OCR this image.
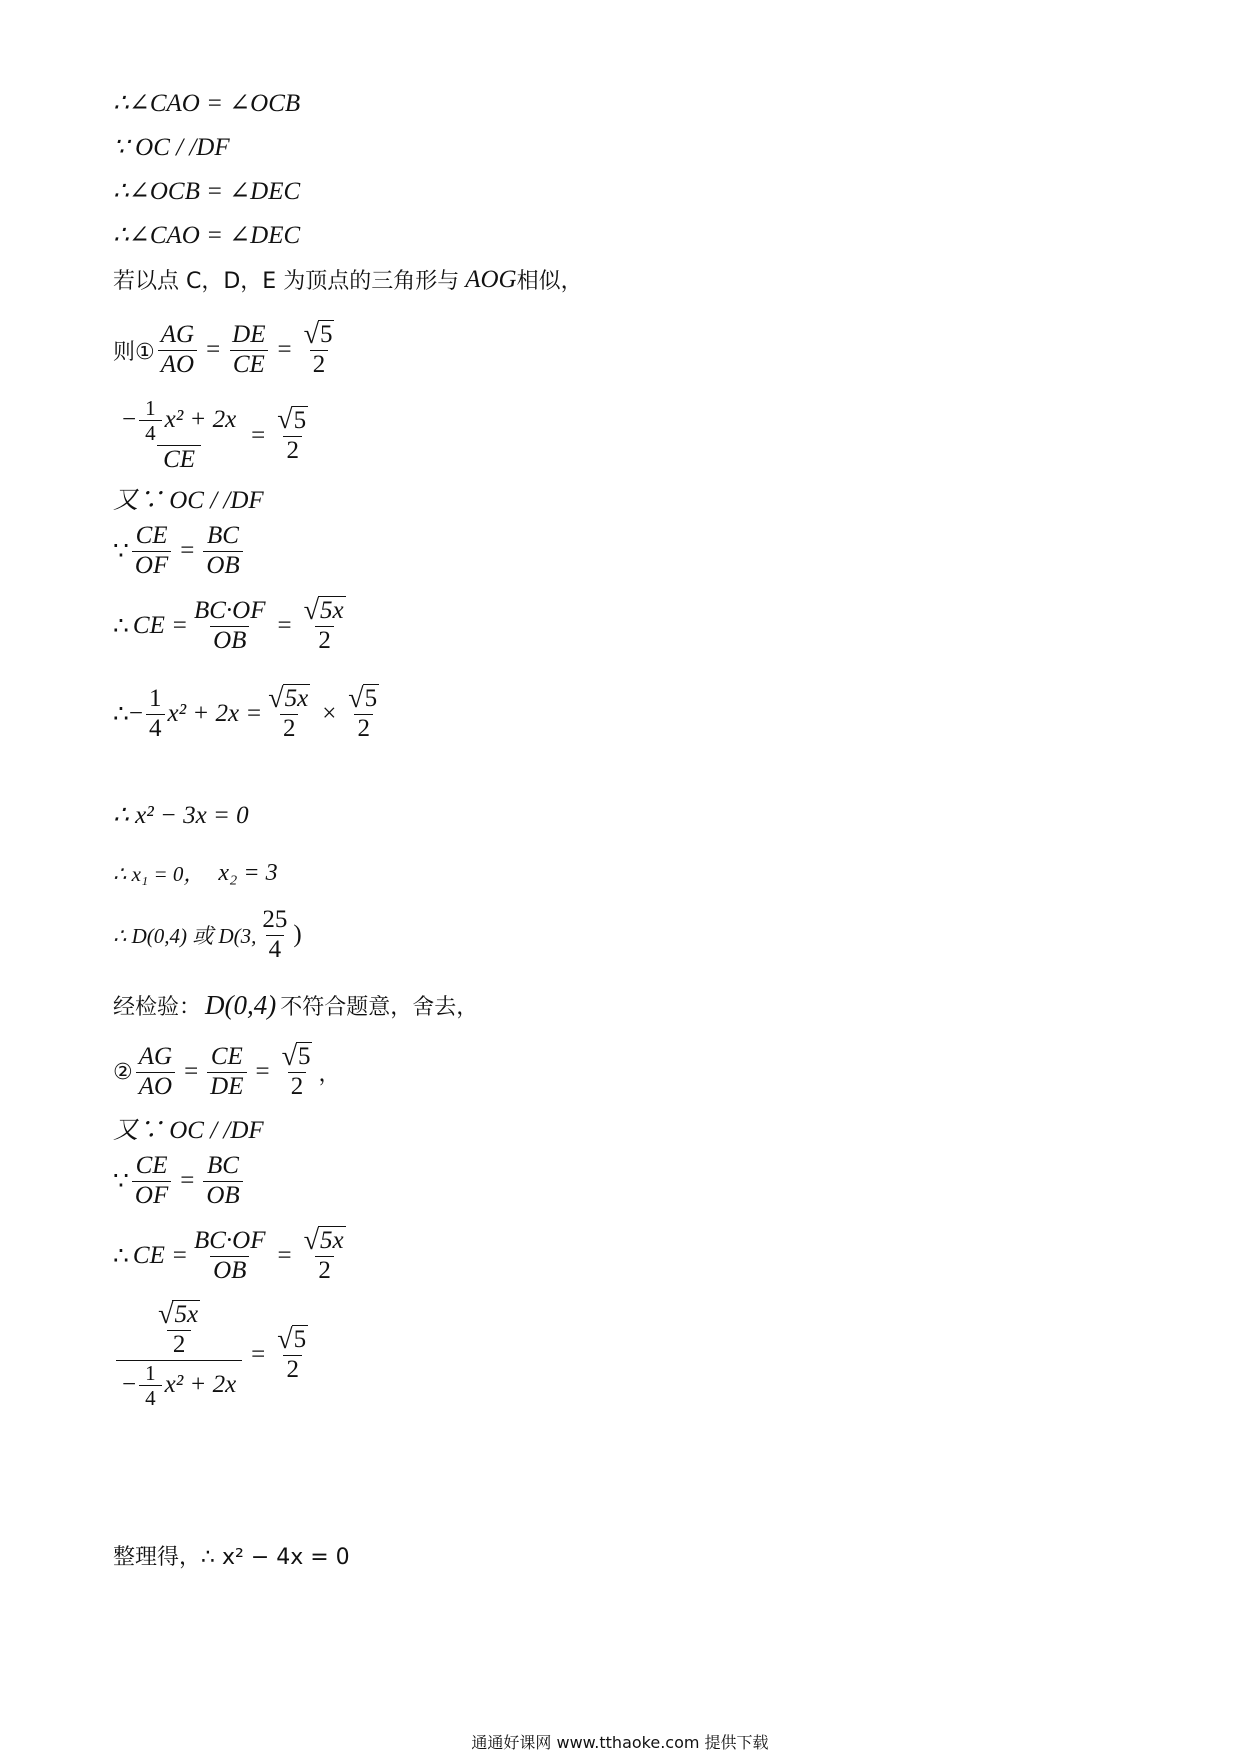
∴∠CAO = ∠OCB
∵ OC / /DF
∴∠OCB = ∠DEC
∴∠CAO = ∠DEC
若以点 C，D，E 为顶点的三角形与 AOG 相似，
则① $\frac{AG}{AO} = \frac{DE}{CE} = \frac{√ 5}{2}$
$\frac{- \frac{1}{4} x^2 + 2x}{CE} = \frac{√ 5}{2}$
又∵ OC / /DF
∵ $\frac{CE}{OF} = \frac{BC}{OB}$
∴ CE = $\frac{BC\cdot OF}{OB} = \frac{√ 5x}{2}$
∴ − $\frac{1}{4} x^2 + 2x = \frac{√ 5x}{2} \times \frac{√ 5}{2}$
∴ x² − 3x = 0
∴ x₁ = 0， x₂ = 3
∴ D(0,4) 或 D(3, $\frac{25}{4}$ )
经检验： D(0,4) 不符合题意，舍去，
② $\frac{AG}{AO} = \frac{CE}{DE} = \frac{√ 5}{2}$ ，
又∵ OC / /DF
∵ $\frac{CE}{OF} = \frac{BC}{OB}$
∴ CE = $\frac{BC\cdot OF}{OB} = \frac{√ 5x}{2}$
$\frac{\frac{√ 5x}{2}}{- \frac{1}{4} x^2 + 2x} = \frac{√ 5}{2}$
整理得，∴ x² − 4x = 0
通通好课网 www.tthaoke.com 提供下载
